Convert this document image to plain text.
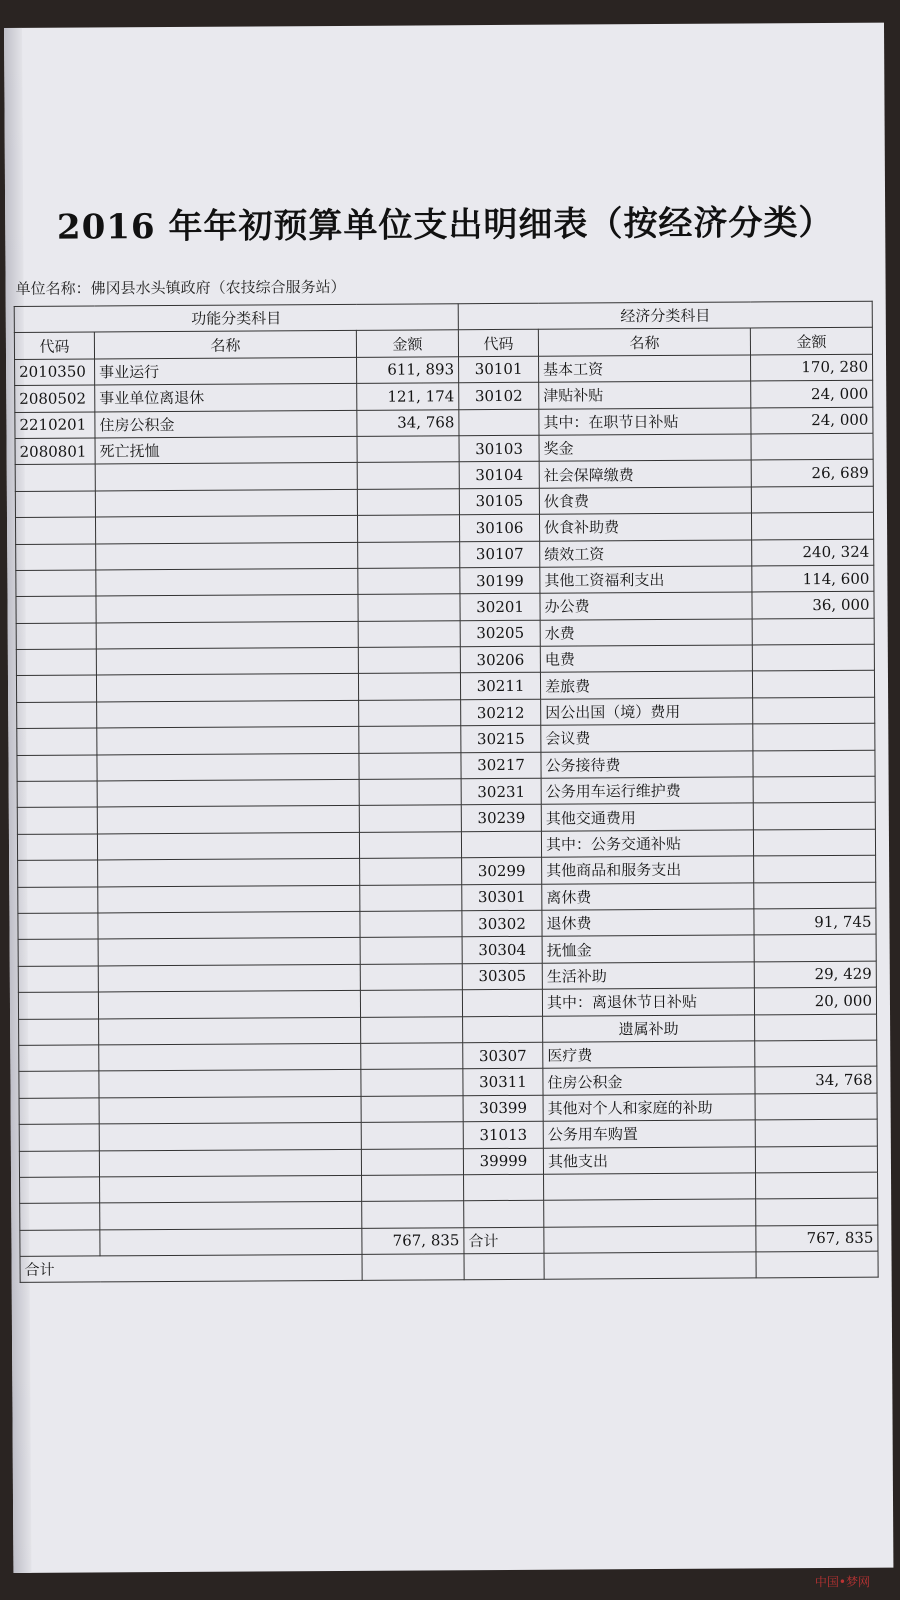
2016 年年初预算单位支出明细表（按经济分类）
单位名称：佛冈县水头镇政府（农技综合服务站）
功能分类科目			经济分类科目		
代码	名称	金额	代码	名称	金额
2010350	事业运行	611, 893	30101	基本工资	170, 280
2080502	事业单位离退休	121, 174	30102	津贴补贴	24, 000
2210201	住房公积金	34, 768		其中：在职节日补贴	24, 000
2080801	死亡抚恤		30103	奖金	
			30104	社会保障缴费	26, 689
			30105	伙食费	
			30106	伙食补助费	
			30107	绩效工资	240, 324
			30199	其他工资福利支出	114, 600
			30201	办公费	36, 000
			30205	水费	
			30206	电费	
			30211	差旅费	
			30212	因公出国（境）费用	
			30215	会议费	
			30217	公务接待费	
			30231	公务用车运行维护费	
			30239	其他交通费用	
				其中：公务交通补贴	
			30299	其他商品和服务支出	
			30301	离休费	
			30302	退休费	91, 745
			30304	抚恤金	
			30305	生活补助	29, 429
				其中：离退休节日补贴	20, 000
				遗属补助	
			30307	医疗费	
			30311	住房公积金	34, 768
			30399	其他对个人和家庭的补助	
			31013	公务用车购置	
			39999	其他支出	

		767, 835	合计		767, 835
合计					
中国•梦网
